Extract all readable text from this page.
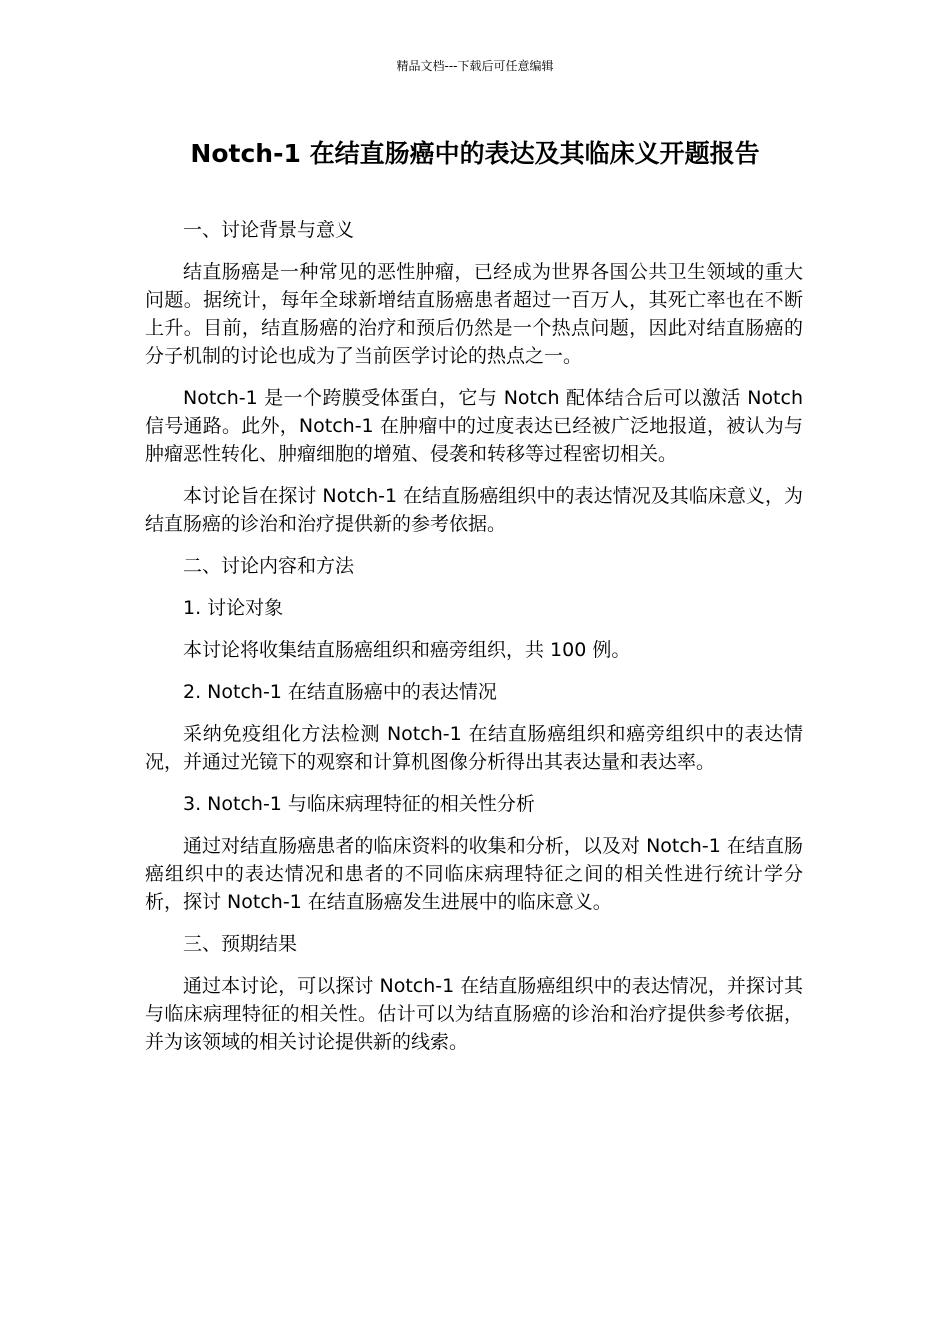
精品文档---下载后可任意编辑
Notch-1 在结直肠癌中的表达及其临床义开题报告

一、讨论背景与意义

结直肠癌是一种常见的恶性肿瘤，已经成为世界各国公共卫生领域的重大问题。据统计，每年全球新增结直肠癌患者超过一百万人，其死亡率也在不断上升。目前，结直肠癌的治疗和预后仍然是一个热点问题，因此对结直肠癌的分子机制的讨论也成为了当前医学讨论的热点之一。

Notch-1 是一个跨膜受体蛋白，它与 Notch 配体结合后可以激活 Notch 信号通路。此外，Notch-1 在肿瘤中的过度表达已经被广泛地报道，被认为与肿瘤恶性转化、肿瘤细胞的增殖、侵袭和转移等过程密切相关。

本讨论旨在探讨 Notch-1 在结直肠癌组织中的表达情况及其临床意义，为结直肠癌的诊治和治疗提供新的参考依据。

二、讨论内容和方法

1. 讨论对象

本讨论将收集结直肠癌组织和癌旁组织，共 100 例。

2. Notch-1 在结直肠癌中的表达情况

采纳免疫组化方法检测 Notch-1 在结直肠癌组织和癌旁组织中的表达情况，并通过光镜下的观察和计算机图像分析得出其表达量和表达率。

3. Notch-1 与临床病理特征的相关性分析

通过对结直肠癌患者的临床资料的收集和分析，以及对 Notch-1 在结直肠癌组织中的表达情况和患者的不同临床病理特征之间的相关性进行统计学分析，探讨 Notch-1 在结直肠癌发生进展中的临床意义。

三、预期结果

通过本讨论，可以探讨 Notch-1 在结直肠癌组织中的表达情况，并探讨其与临床病理特征的相关性。估计可以为结直肠癌的诊治和治疗提供参考依据，并为该领域的相关讨论提供新的线索。
